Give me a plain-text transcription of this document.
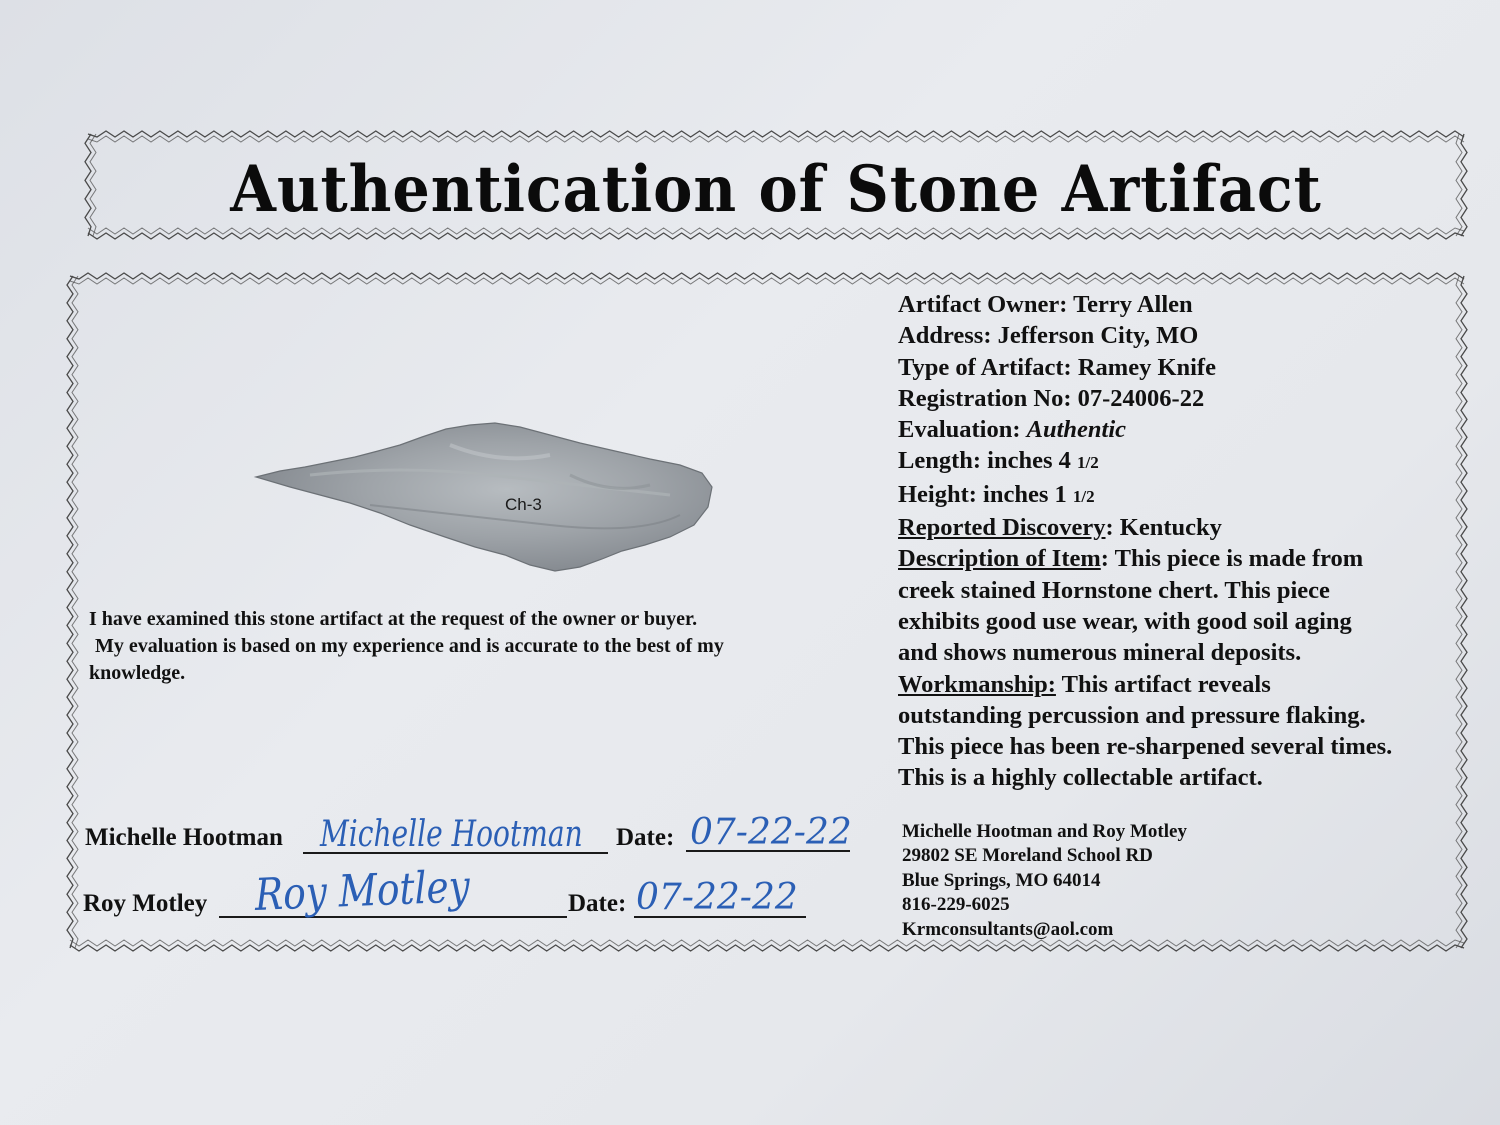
Authentication of Stone Artifact
Ch-3
I have examined this stone artifact at the request of the owner or buyer.
My evaluation is based on my experience and is accurate to the best of my
knowledge.
Michelle Hootman Michelle Hootman Date: 07-22-22
Roy Motley Roy Motley	Date: 07-22-22
Artifact Owner: Terry Allen
Address: Jefferson City, MO
Type of Artifact: Ramey Knife
Registration No: 07-24006-22
Evaluation: Authentic
Length: inches 4 1/2
Height: inches 1 1/2
Reported Discovery: Kentucky
Description of Item: This piece is made from
creek stained Hornstone chert. This piece
exhibits good use wear, with good soil aging
and shows numerous mineral deposits.
Workmanship: This artifact reveals
outstanding percussion and pressure flaking.
This piece has been re-sharpened several times.
This is a highly collectable artifact.
Michelle Hootman and Roy Motley
29802 SE Moreland School RD
Blue Springs, MO 64014
816-229-6025
Krmconsultants@aol.com
